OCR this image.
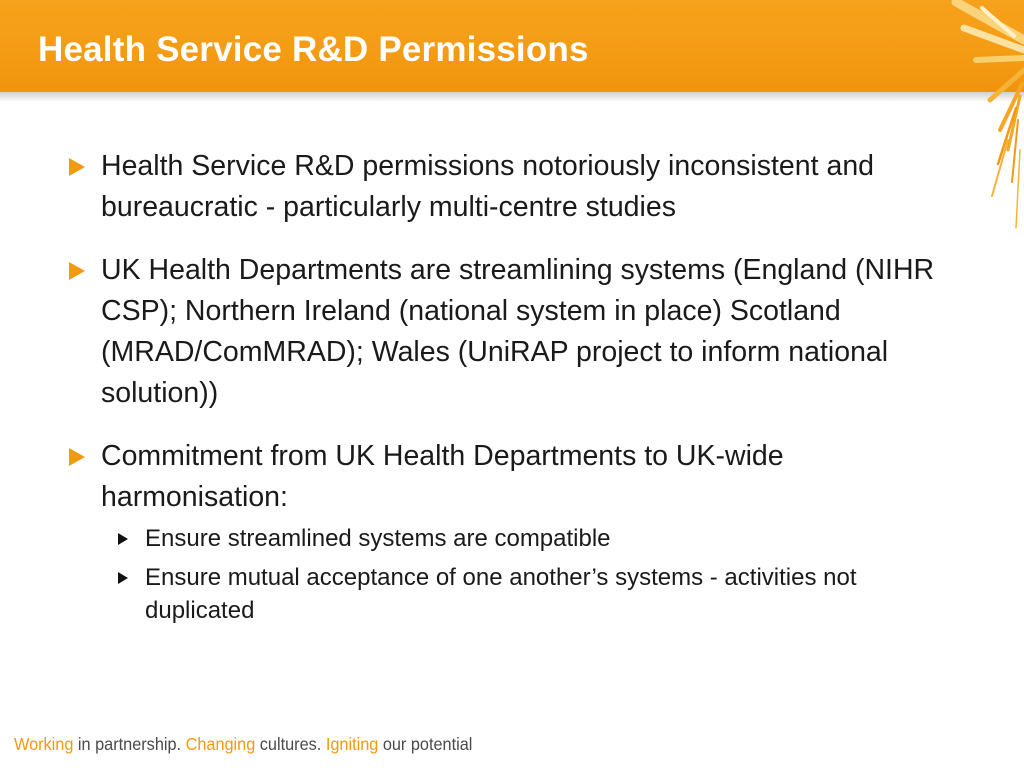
Health Service R&D Permissions
Health Service R&D permissions notoriously inconsistent and bureaucratic - particularly multi-centre studies
UK Health Departments are streamlining systems (England (NIHR CSP); Northern Ireland (national system in place) Scotland (MRAD/ComMRAD); Wales (UniRAP project to inform national solution))
Commitment from UK Health Departments to UK-wide harmonisation:
Ensure streamlined systems are compatible
Ensure mutual acceptance of one another’s systems - activities not duplicated
Working in partnership. Changing cultures. Igniting our potential
